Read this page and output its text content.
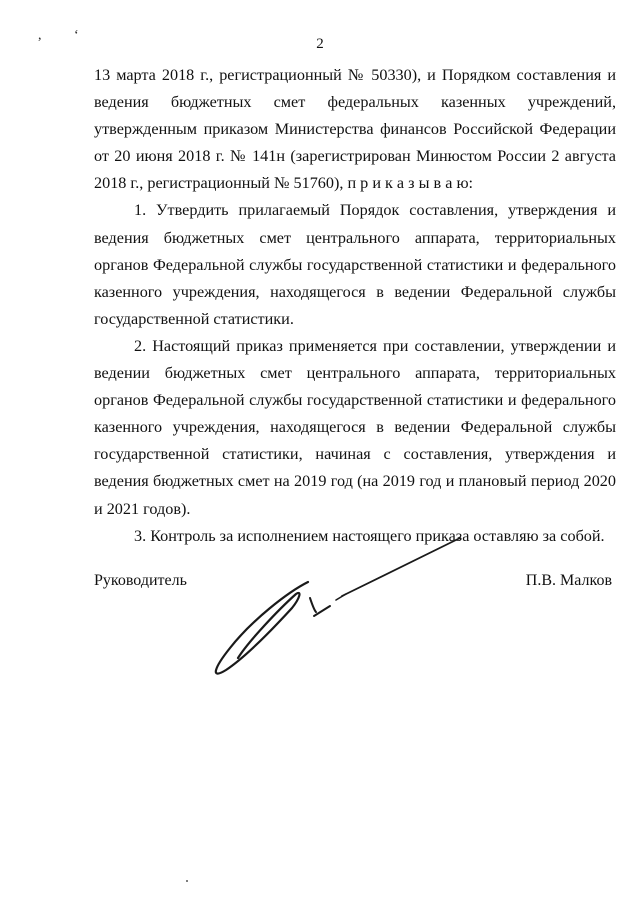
, ‘
2

13 марта 2018 г., регистрационный № 50330), и Порядком составления и ведения бюджетных смет федеральных казенных учреждений, утвержденным приказом Министерства финансов Российской Федерации от 20 июня 2018 г. № 141н (зарегистрирован Минюстом России 2 августа 2018 г., регистрационный № 51760), п р и к а з ы в а ю:

1. Утвердить прилагаемый Порядок составления, утверждения и ведения бюджетных смет центрального аппарата, территориальных органов Федеральной службы государственной статистики и федерального казенного учреждения, находящегося в ведении Федеральной службы государственной статистики.

2. Настоящий приказ применяется при составлении, утверждении и ведении бюджетных смет центрального аппарата, территориальных органов Федеральной службы государственной статистики и федерального казенного учреждения, находящегося в ведении Федеральной службы государственной статистики, начиная с составления, утверждения и ведения бюджетных смет на 2019 год (на 2019 год и плановый период 2020 и 2021 годов).

3. Контроль за исполнением настоящего приказа оставляю за собой.

Руководитель	П.В. Малков
